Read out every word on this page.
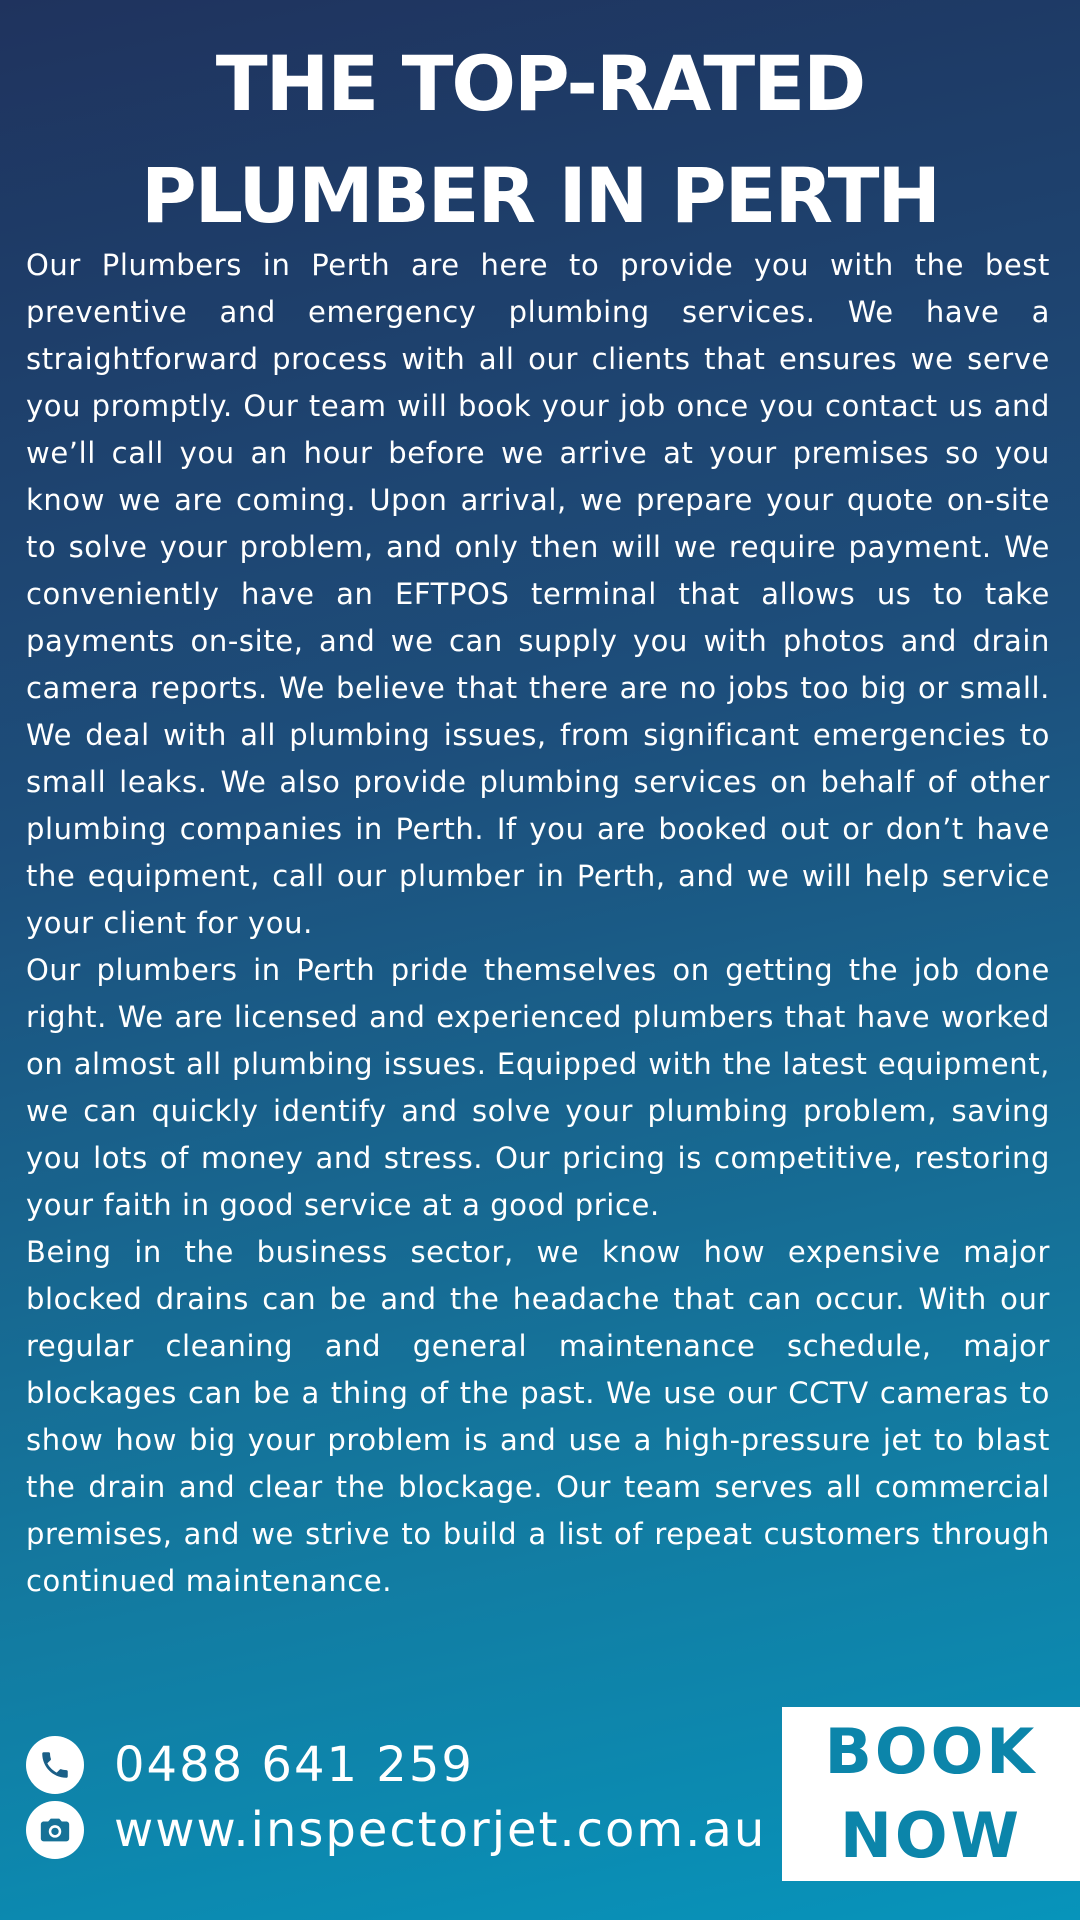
THE TOP-RATED PLUMBER IN PERTH

Our Plumbers in Perth are here to provide you with the best preventive and emergency plumbing services. We have a straightforward process with all our clients that ensures we serve you promptly. Our team will book your job once you contact us and we’ll call you an hour before we arrive at your premises so you know we are coming. Upon arrival, we prepare your quote on-site to solve your problem, and only then will we require payment. We conveniently have an EFTPOS terminal that allows us to take payments on-site, and we can supply you with photos and drain camera reports. We believe that there are no jobs too big or small. We deal with all plumbing issues, from significant emergencies to small leaks. We also provide plumbing services on behalf of other plumbing companies in Perth. If you are booked out or don’t have the equipment, call our plumber in Perth, and we will help service your client for you.

Our plumbers in Perth pride themselves on getting the job done right. We are licensed and experienced plumbers that have worked on almost all plumbing issues. Equipped with the latest equipment, we can quickly identify and solve your plumbing problem, saving you lots of money and stress. Our pricing is competitive, restoring your faith in good service at a good price.

Being in the business sector, we know how expensive major blocked drains can be and the headache that can occur. With our regular cleaning and general maintenance schedule, major blockages can be a thing of the past. We use our CCTV cameras to show how big your problem is and use a high-pressure jet to blast the drain and clear the blockage. Our team serves all commercial premises, and we strive to build a list of repeat customers through continued maintenance.

0488 641 259
www.inspectorjet.com.au
BOOK
NOW
